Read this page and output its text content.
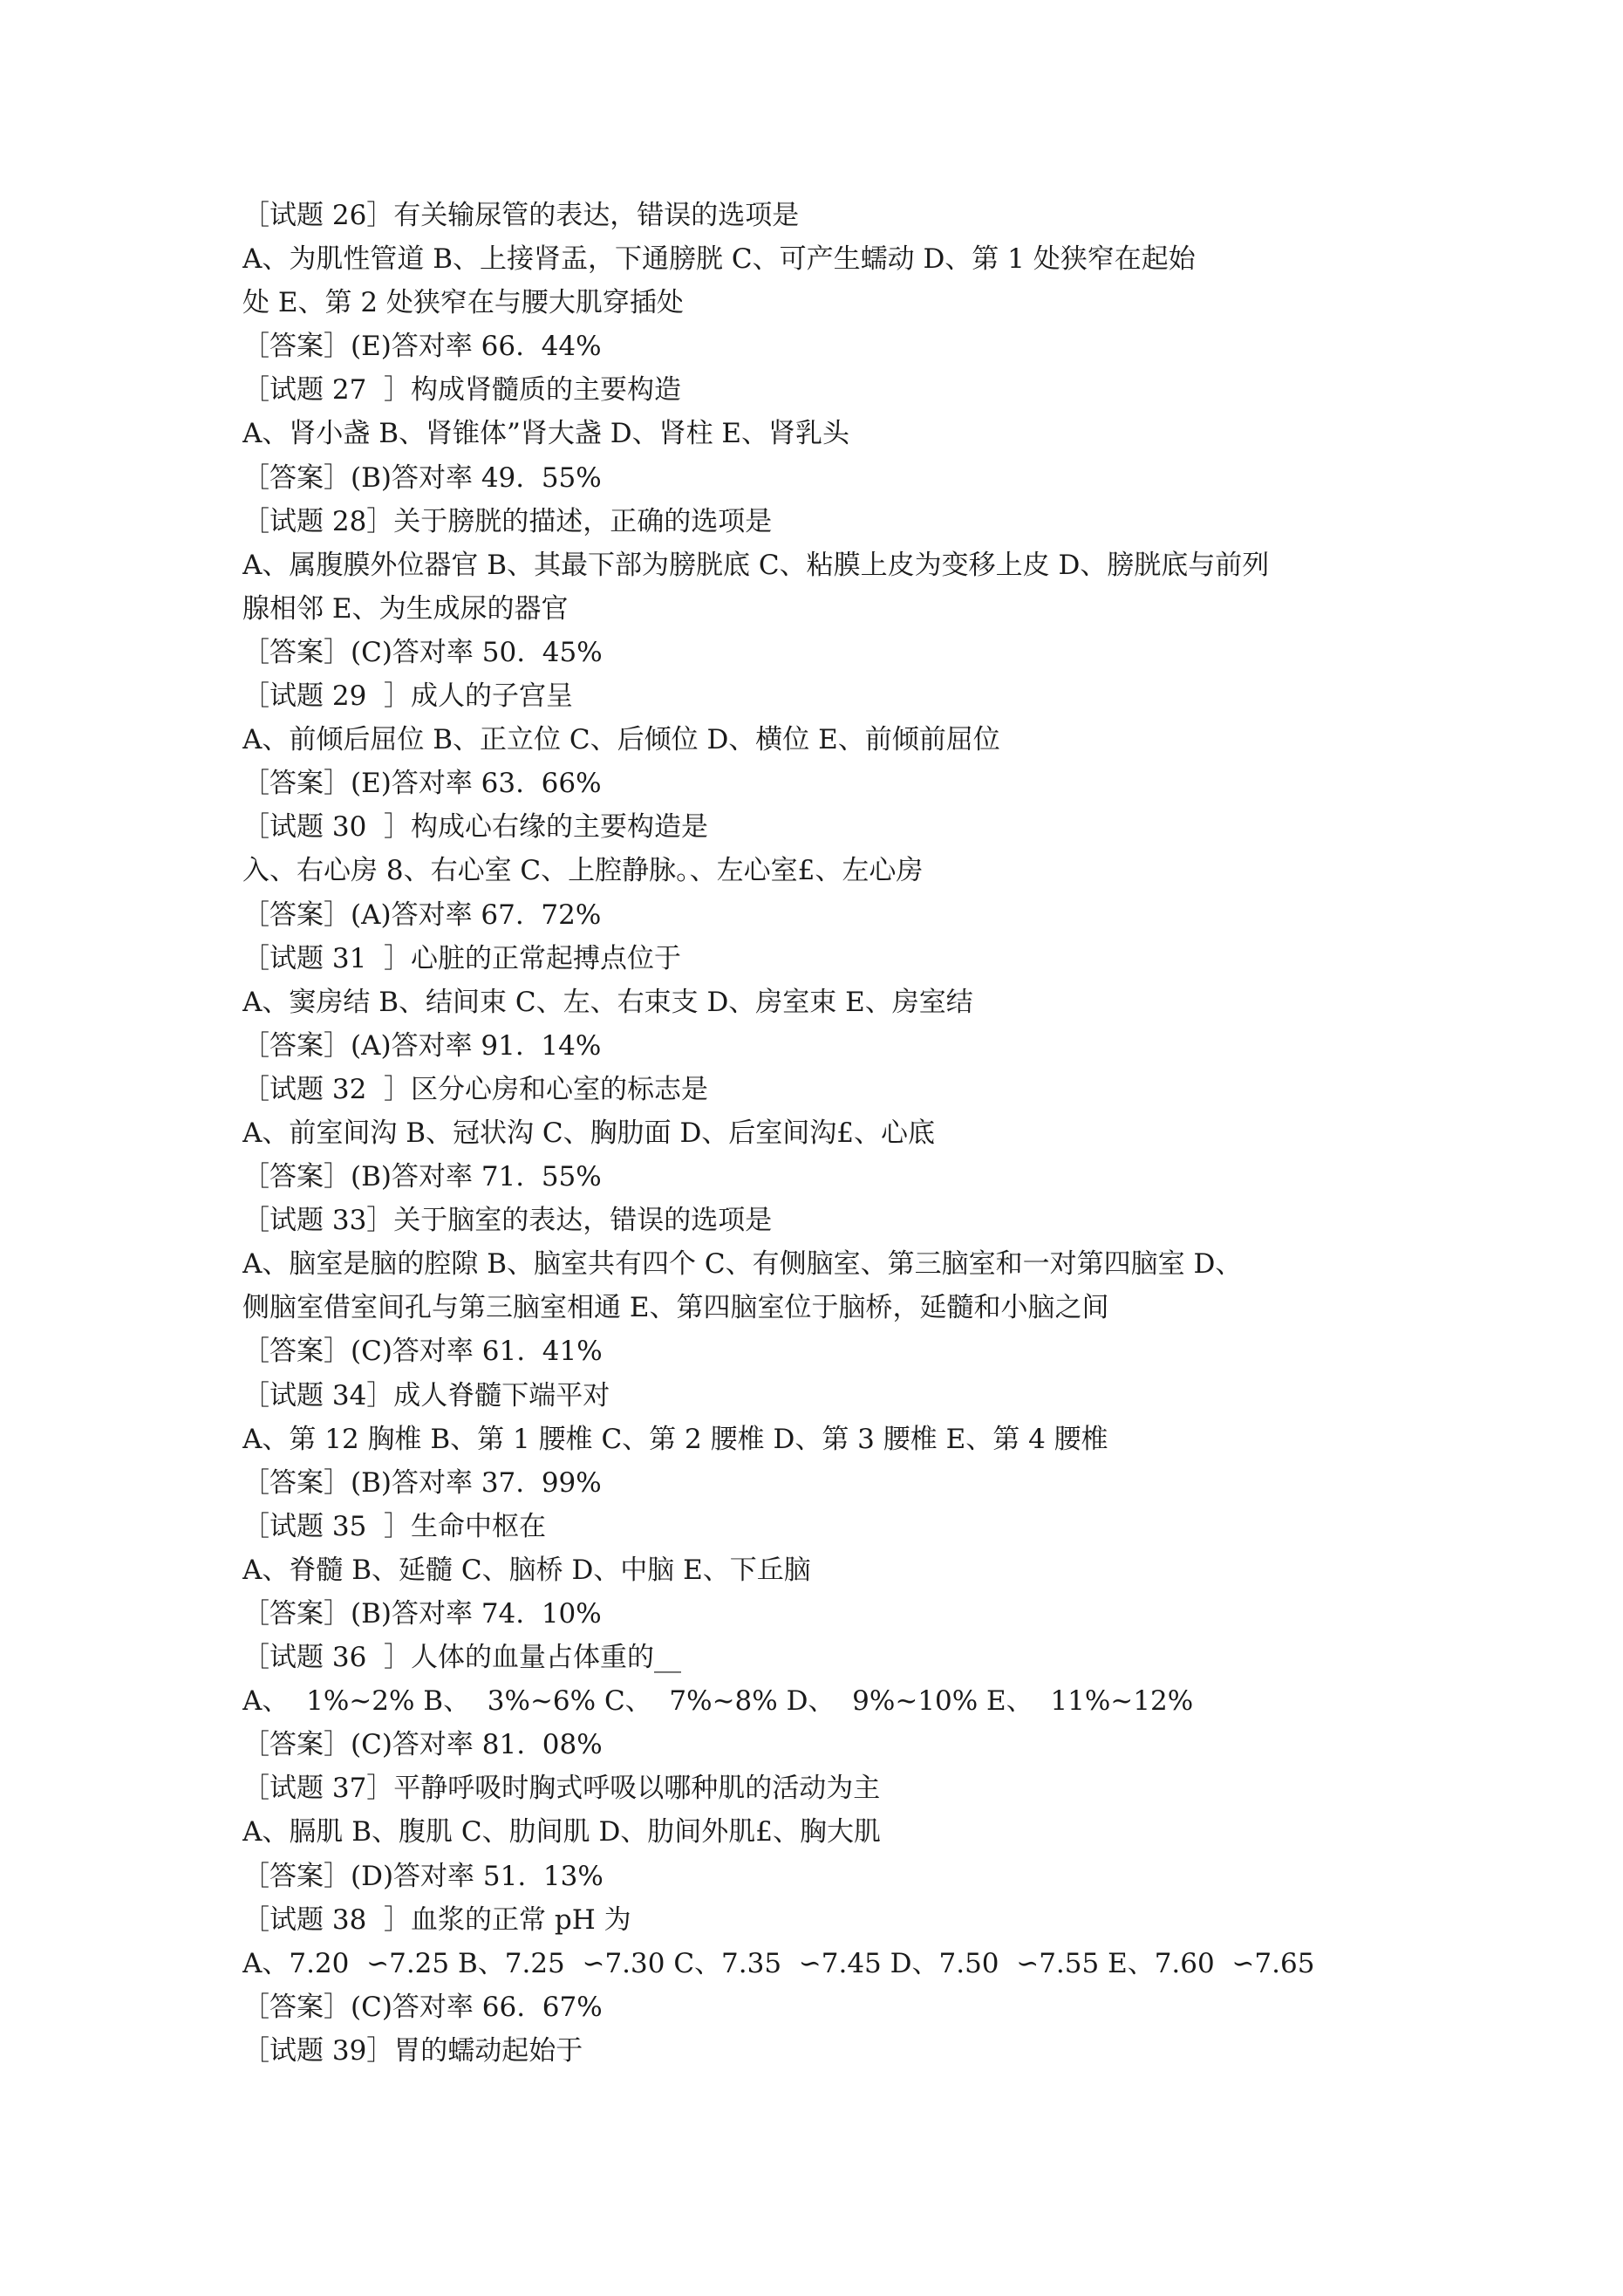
［试题 26］有关输尿管的表达，错误的选项是
A、为肌性管道 B、上接肾盂，下通膀胱 C、可产生蠕动 D、第 1 处狭窄在起始
处 E、第 2 处狭窄在与腰大肌穿插处
［答案］(E)答对率 66.  44%
［试题 27  ］构成肾髓质的主要构造
A、肾小盏 B、肾锥体”肾大盏 D、肾柱 E、肾乳头
［答案］(B)答对率 49.  55%
［试题 28］关于膀胱的描述，正确的选项是
A、属腹膜外位器官 B、其最下部为膀胱底 C、粘膜上皮为变移上皮 D、膀胱底与前列
腺相邻 E、为生成尿的器官
［答案］(C)答对率 50.  45%
［试题 29  ］成人的子宫呈
A、前倾后屈位 B、正立位 C、后倾位 D、横位 E、前倾前屈位
［答案］(E)答对率 63.  66%
［试题 30  ］构成心右缘的主要构造是
入、右心房 8、右心室 C、上腔静脉。、左心室£、左心房
［答案］(A)答对率 67.  72%
［试题 31  ］心脏的正常起搏点位于
A、窦房结 B、结间束 C、左、右束支 D、房室束 E、房室结
［答案］(A)答对率 91.  14%
［试题 32  ］区分心房和心室的标志是
A、前室间沟 B、冠状沟 C、胸肋面 D、后室间沟£、心底
［答案］(B)答对率 71.  55%
［试题 33］关于脑室的表达，错误的选项是
A、脑室是脑的腔隙 B、脑室共有四个 C、有侧脑室、第三脑室和一对第四脑室 D、
侧脑室借室间孔与第三脑室相通 E、第四脑室位于脑桥，延髓和小脑之间
［答案］(C)答对率 61.  41%
［试题 34］成人脊髓下端平对
A、第 12 胸椎 B、第 1 腰椎 C、第 2 腰椎 D、第 3 腰椎 E、第 4 腰椎
［答案］(B)答对率 37.  99%
［试题 35  ］生命中枢在
A、脊髓 B、延髓 C、脑桥 D、中脑 E、下丘脑
［答案］(B)答对率 74.  10%
［试题 36  ］人体的血量占体重的__
A、  1%~2% B、  3%~6% C、  7%~8% D、  9%~10% E、  11%~12%
［答案］(C)答对率 81.  08%
［试题 37］平静呼吸时胸式呼吸以哪种肌的活动为主
A、膈肌 B、腹肌 C、肋间肌 D、肋间外肌£、胸大肌
［答案］(D)答对率 51.  13%
［试题 38  ］血浆的正常 pH 为
A、7.20  ∽7.25 B、7.25  ∽7.30 C、7.35  ∽7.45 D、7.50  ∽7.55 E、7.60  ∽7.65
［答案］(C)答对率 66.  67%
［试题 39］胃的蠕动起始于
